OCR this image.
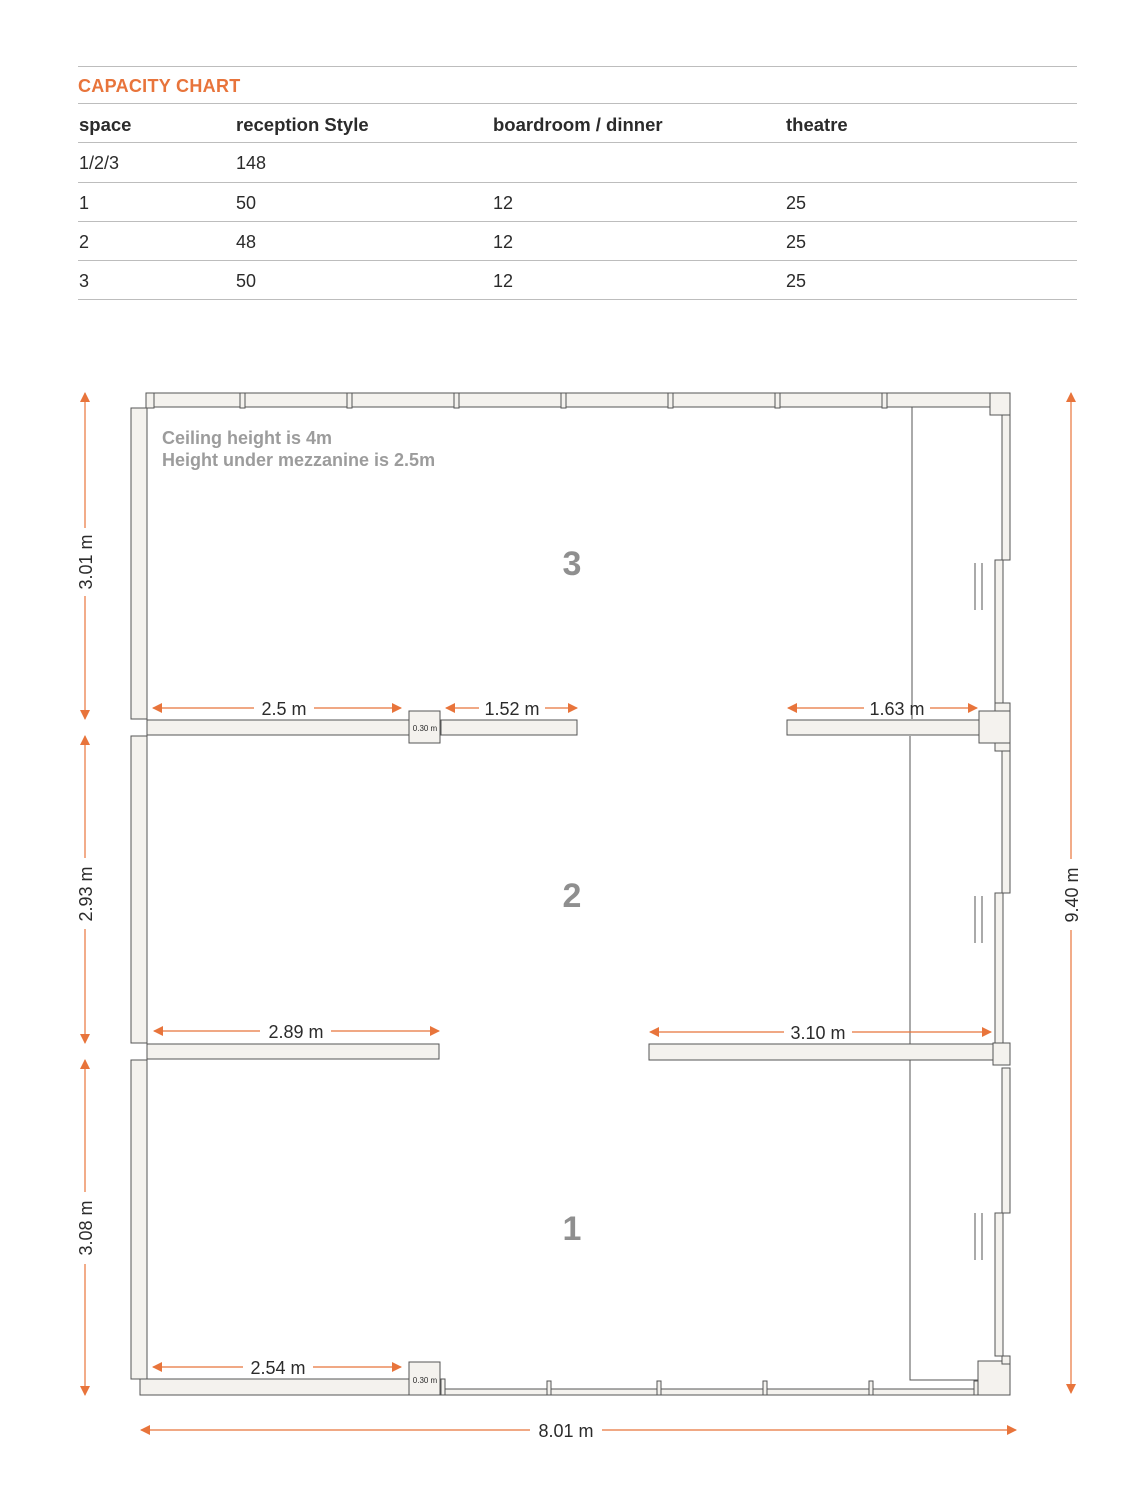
CAPACITY CHART
space	reception Style	boardroom / dinner	theatre
1/2/3	148
1	50	12	25
2	48	12	25
3	50	12	25
0.30 m
0.30 m
Ceiling height is 4m
Height under mezzanine is 2.5m
3
2
1
2.5 m	1.52 m	1.63 m
2.89 m	3.10 m
2.54 m
8.01 m
3.01 m
2.93 m
3.08 m
9.40 m
